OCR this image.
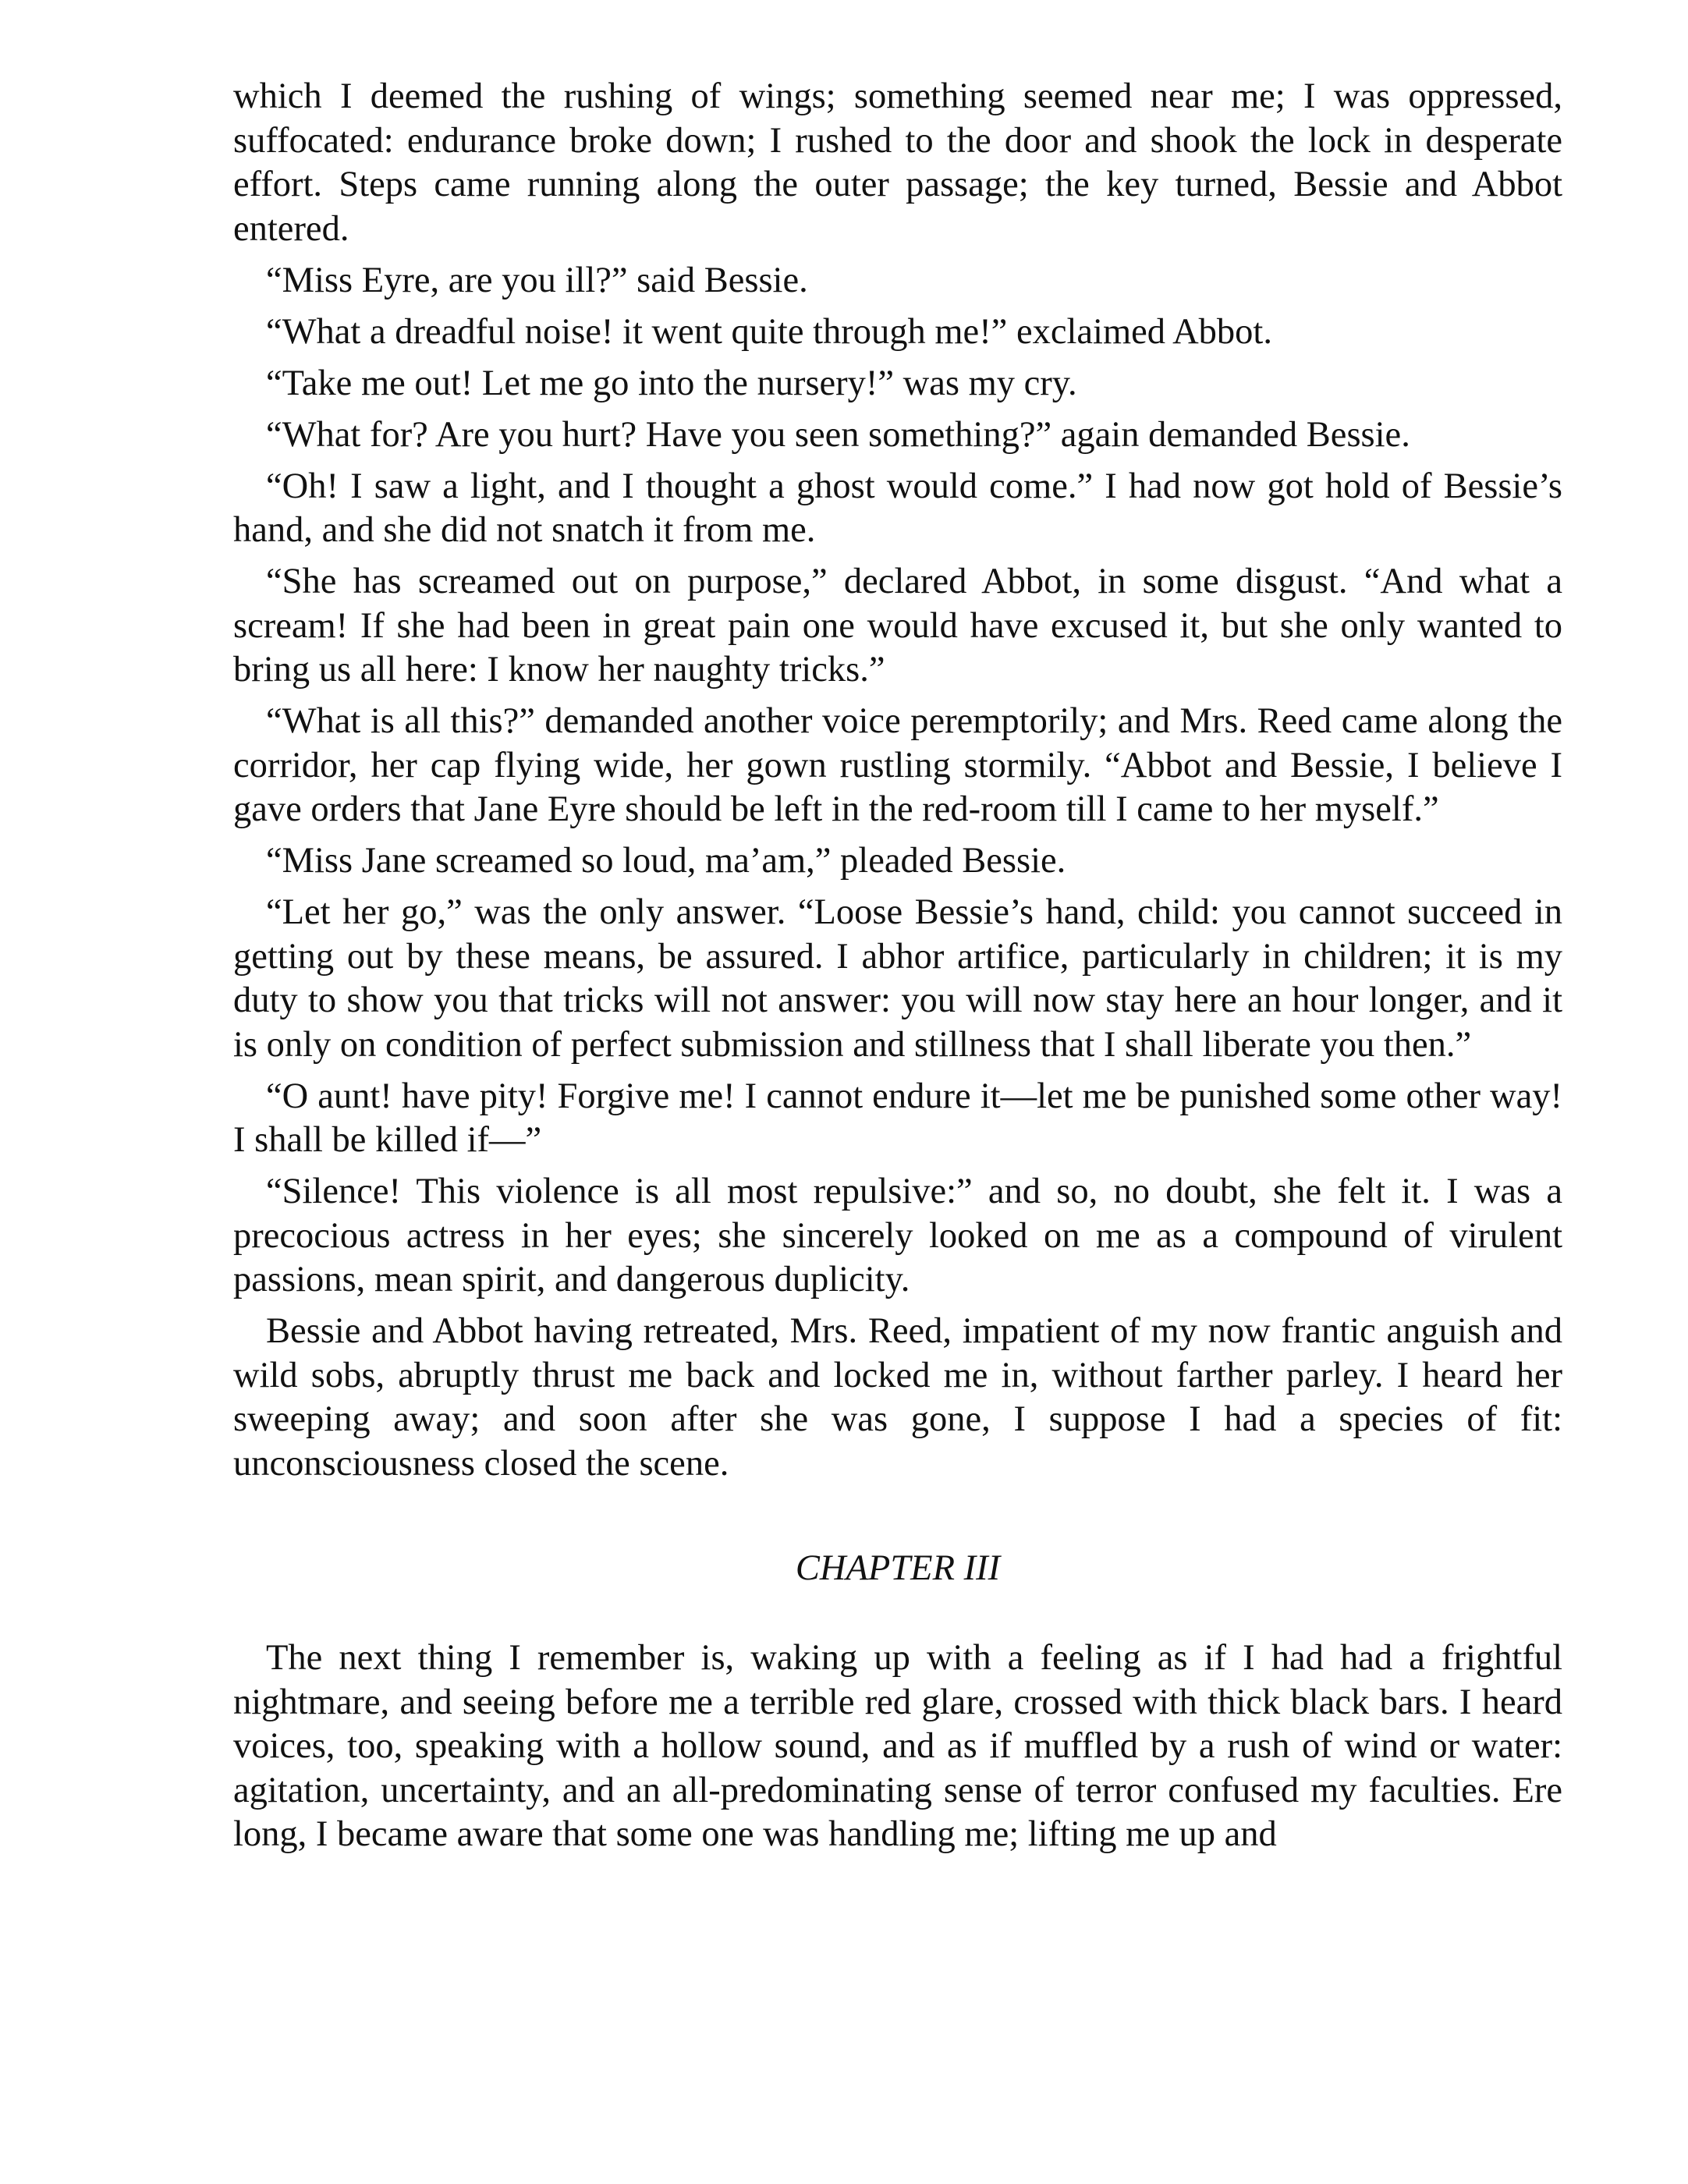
which I deemed the rushing of wings; something seemed near me; I was oppressed, suffocated: endurance broke down; I rushed to the door and shook the lock in desperate effort. Steps came running along the outer passage; the key turned, Bessie and Abbot entered.

“Miss Eyre, are you ill?” said Bessie.

“What a dreadful noise! it went quite through me!” exclaimed Abbot.

“Take me out! Let me go into the nursery!” was my cry.

“What for? Are you hurt? Have you seen something?” again demanded Bessie.

“Oh! I saw a light, and I thought a ghost would come.” I had now got hold of Bessie’s hand, and she did not snatch it from me.

“She has screamed out on purpose,” declared Abbot, in some disgust. “And what a scream! If she had been in great pain one would have excused it, but she only wanted to bring us all here: I know her naughty tricks.”

“What is all this?” demanded another voice peremptorily; and Mrs. Reed came along the corridor, her cap flying wide, her gown rustling stormily. “Abbot and Bessie, I believe I gave orders that Jane Eyre should be left in the red-room till I came to her myself.”

“Miss Jane screamed so loud, ma’am,” pleaded Bessie.

“Let her go,” was the only answer. “Loose Bessie’s hand, child: you cannot succeed in getting out by these means, be assured. I abhor artifice, particularly in children; it is my duty to show you that tricks will not answer: you will now stay here an hour longer, and it is only on condition of perfect submission and stillness that I shall liberate you then.”

“O aunt! have pity! Forgive me! I cannot endure it—let me be punished some other way! I shall be killed if—”

“Silence! This violence is all most repulsive:” and so, no doubt, she felt it. I was a precocious actress in her eyes; she sincerely looked on me as a compound of virulent passions, mean spirit, and dangerous duplicity.

Bessie and Abbot having retreated, Mrs. Reed, impatient of my now frantic anguish and wild sobs, abruptly thrust me back and locked me in, without farther parley. I heard her sweeping away; and soon after she was gone, I suppose I had a species of fit: unconsciousness closed the scene.

CHAPTER III

The next thing I remember is, waking up with a feeling as if I had had a frightful nightmare, and seeing before me a terrible red glare, crossed with thick black bars. I heard voices, too, speaking with a hollow sound, and as if muffled by a rush of wind or water: agitation, uncertainty, and an all-predominating sense of terror confused my faculties. Ere long, I became aware that some one was handling me; lifting me up and
